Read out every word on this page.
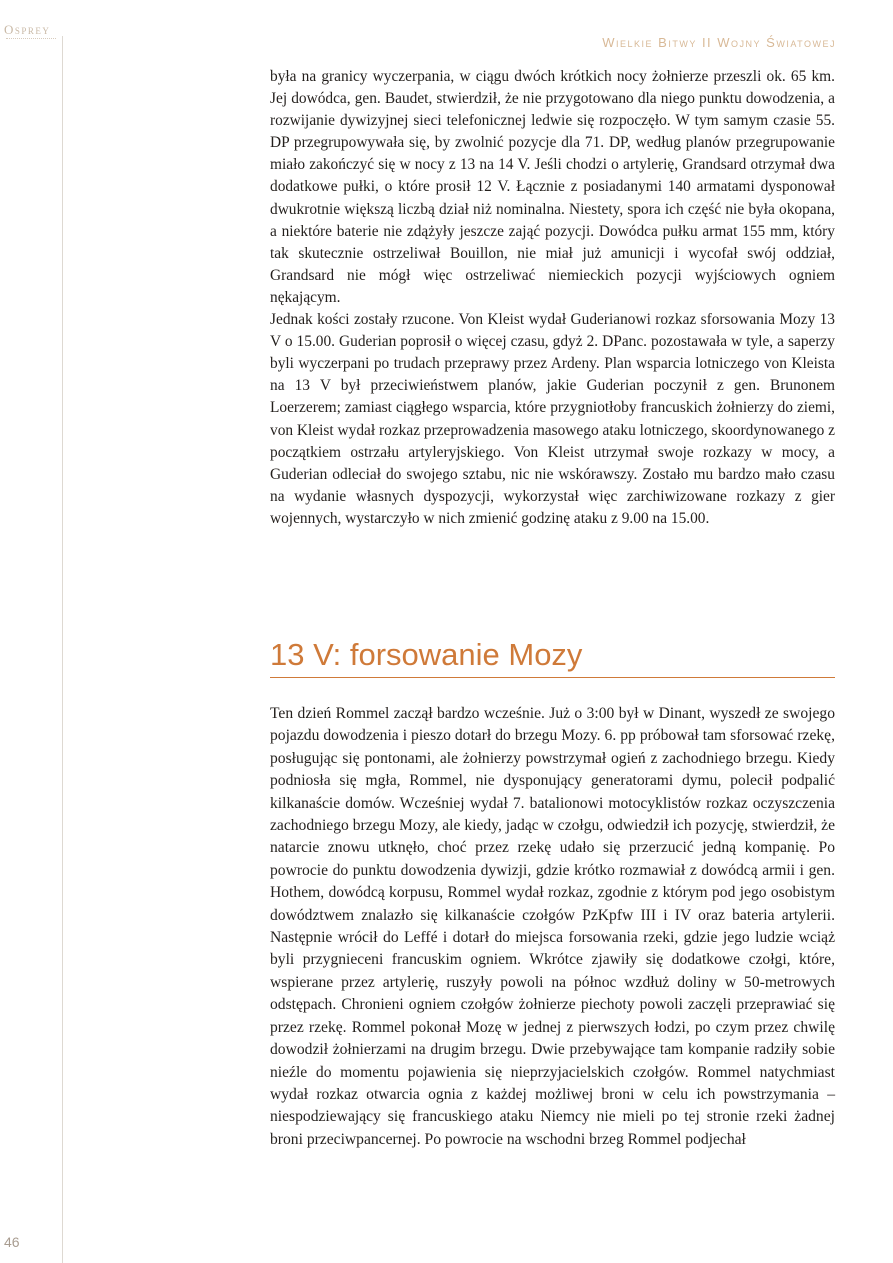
Osprey
Wielkie Bitwy II Wojny Światowej

była na granicy wyczerpania, w ciągu dwóch krótkich nocy żołnierze przeszli ok. 65 km. Jej dowódca, gen. Baudet, stwierdził, że nie przygotowano dla niego punktu dowodzenia, a rozwijanie dywizyjnej sieci telefonicznej ledwie się rozpoczęło. W tym samym czasie 55. DP przegrupowywała się, by zwolnić pozycje dla 71. DP, według planów przegrupowanie miało zakończyć się w nocy z 13 na 14 V. Jeśli chodzi o artylerię, Grandsard otrzymał dwa dodatkowe pułki, o które prosił 12 V. Łącznie z posiadanymi 140 armatami dysponował dwukrotnie większą liczbą dział niż nominalna. Niestety, spora ich część nie była okopana, a niektóre baterie nie zdążyły jeszcze zająć pozycji. Dowódca pułku armat 155 mm, który tak skutecznie ostrzeliwał Bouillon, nie miał już amunicji i wycofał swój oddział, Grandsard nie mógł więc ostrzeliwać niemieckich pozycji wyjściowych ogniem nękającym.

Jednak kości zostały rzucone. Von Kleist wydał Guderianowi rozkaz sforsowania Mozy 13 V o 15.00. Guderian poprosił o więcej czasu, gdyż 2. DPanc. pozostawała w tyle, a saperzy byli wyczerpani po trudach przeprawy przez Ardeny. Plan wsparcia lotniczego von Kleista na 13 V był przeciwieństwem planów, jakie Guderian poczynił z gen. Brunonem Loerzerem; zamiast ciągłego wsparcia, które przygniotłoby francuskich żołnierzy do ziemi, von Kleist wydał rozkaz przeprowadzenia masowego ataku lotniczego, skoordynowanego z początkiem ostrzału artyleryjskiego. Von Kleist utrzymał swoje rozkazy w mocy, a Guderian odleciał do swojego sztabu, nic nie wskórawszy. Zostało mu bardzo mało czasu na wydanie własnych dyspozycji, wykorzystał więc zarchiwizowane rozkazy z gier wojennych, wystarczyło w nich zmienić godzinę ataku z 9.00 na 15.00.

13 V: forsowanie Mozy

Ten dzień Rommel zaczął bardzo wcześnie. Już o 3:00 był w Dinant, wyszedł ze swojego pojazdu dowodzenia i pieszo dotarł do brzegu Mozy. 6. pp próbował tam sforsować rzekę, posługując się pontonami, ale żołnierzy powstrzymał ogień z zachodniego brzegu. Kiedy podniosła się mgła, Rommel, nie dysponujący generatorami dymu, polecił podpalić kilkanaście domów. Wcześniej wydał 7. batalionowi motocyklistów rozkaz oczyszczenia zachodniego brzegu Mozy, ale kiedy, jadąc w czołgu, odwiedził ich pozycję, stwierdził, że natarcie znowu utknęło, choć przez rzekę udało się przerzucić jedną kompanię. Po powrocie do punktu dowodzenia dywizji, gdzie krótko rozmawiał z dowódcą armii i gen. Hothem, dowódcą korpusu, Rommel wydał rozkaz, zgodnie z którym pod jego osobistym dowództwem znalazło się kilkanaście czołgów PzKpfw III i IV oraz bateria artylerii. Następnie wrócił do Leffé i dotarł do miejsca forsowania rzeki, gdzie jego ludzie wciąż byli przygnieceni francuskim ogniem. Wkrótce zjawiły się dodatkowe czołgi, które, wspierane przez artylerię, ruszyły powoli na północ wzdłuż doliny w 50-metrowych odstępach. Chronieni ogniem czołgów żołnierze piechoty powoli zaczęli przeprawiać się przez rzekę. Rommel pokonał Mozę w jednej z pierwszych łodzi, po czym przez chwilę dowodził żołnierzami na drugim brzegu. Dwie przebywające tam kompanie radziły sobie nieźle do momentu pojawienia się nieprzyjacielskich czołgów. Rommel natychmiast wydał rozkaz otwarcia ognia z każdej możliwej broni w celu ich powstrzymania – niespodziewający się francuskiego ataku Niemcy nie mieli po tej stronie rzeki żadnej broni przeciwpancernej. Po powrocie na wschodni brzeg Rommel podjechał

46
